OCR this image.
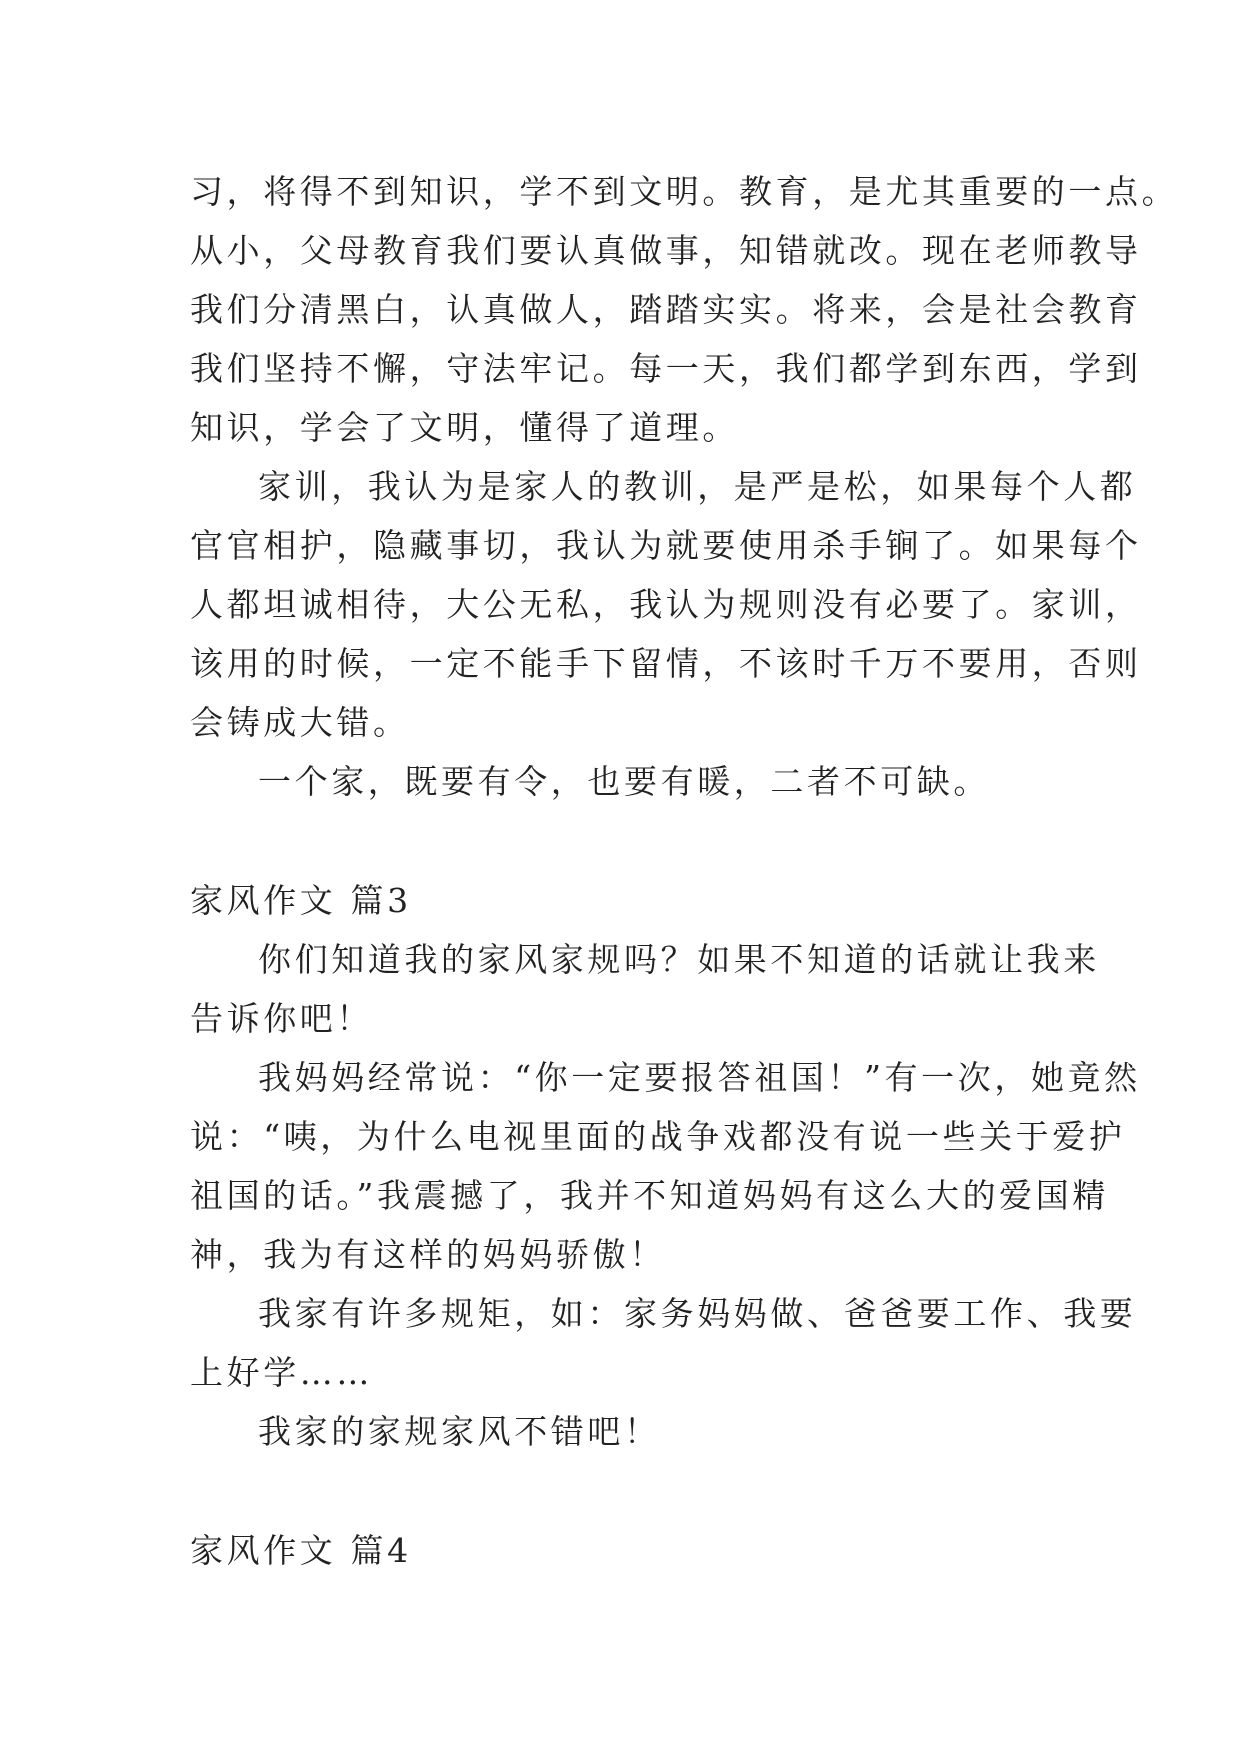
习，将得不到知识，学不到文明。教育，是尤其重要的一点。
从小，父母教育我们要认真做事，知错就改。现在老师教导
我们分清黑白，认真做人，踏踏实实。将来，会是社会教育
我们坚持不懈，守法牢记。每一天，我们都学到东西，学到
知识，学会了文明，懂得了道理。

家训，我认为是家人的教训，是严是松，如果每个人都
官官相护，隐藏事切，我认为就要使用杀手锏了。如果每个
人都坦诚相待，大公无私，我认为规则没有必要了。家训，
该用的时候，一定不能手下留情，不该时千万不要用，否则
会铸成大错。

一个家，既要有令，也要有暖，二者不可缺。

家风作文 篇3

你们知道我的家风家规吗？如果不知道的话就让我来
告诉你吧！

我妈妈经常说：“你一定要报答祖国！”有一次，她竟然
说：“咦，为什么电视里面的战争戏都没有说一些关于爱护
祖国的话。”我震撼了，我并不知道妈妈有这么大的爱国精
神，我为有这样的妈妈骄傲！

我家有许多规矩，如：家务妈妈做、爸爸要工作、我要
上好学……

我家的家规家风不错吧！

家风作文 篇4
